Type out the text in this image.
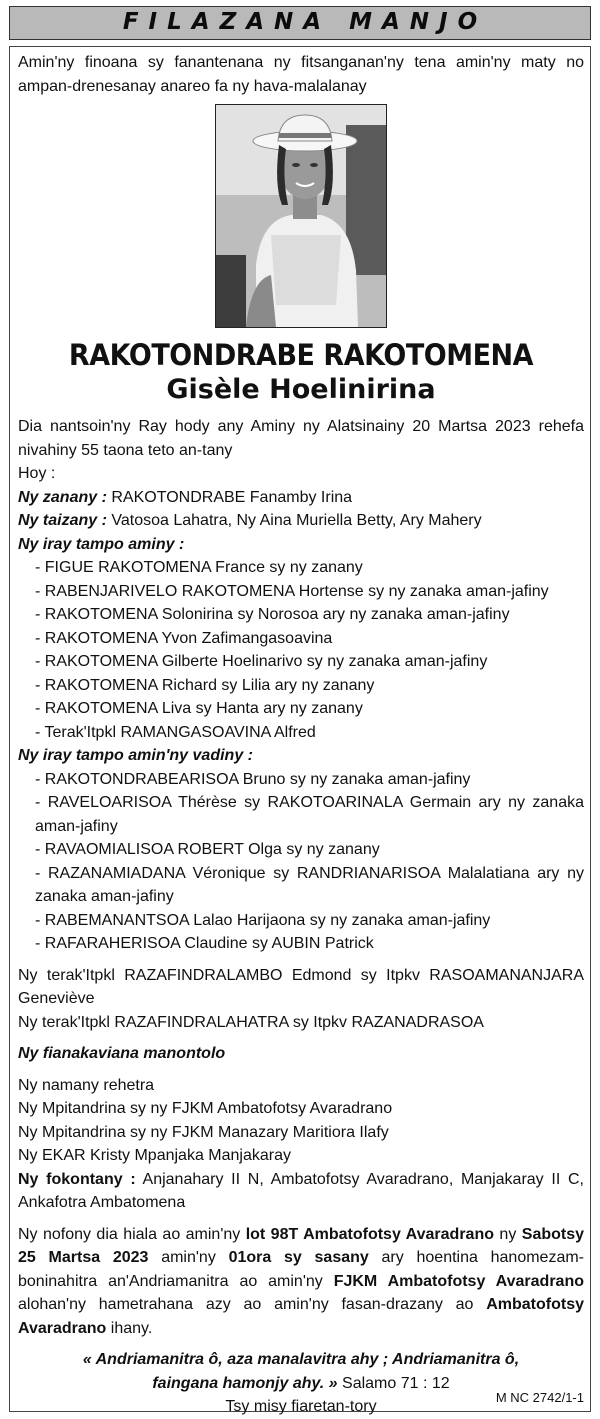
FILAZANA MANJO

Amin'ny finoana sy fanantenana ny fitsanganan'ny tena amin'ny maty no ampan-drenesanay anareo fa ny hava-malalanay

RAKOTONDRABE RAKOTOMENA
Gisèle Hoelinirina

Dia nantsoin'ny Ray hody any Aminy ny Alatsinainy 20 Martsa 2023 rehefa nivahiny 55 taona teto an-tany

Hoy :

Ny zanany : RAKOTONDRABE Fanamby Irina

Ny taizany : Vatosoa Lahatra, Ny Aina Muriella Betty, Ary Mahery

Ny iray tampo aminy :

- FIGUE RAKOTOMENA France sy ny zanany

- RABENJARIVELO RAKOTOMENA Hortense sy ny zanaka aman-jafiny

- RAKOTOMENA Solonirina sy Norosoa ary ny zanaka aman-jafiny

- RAKOTOMENA Yvon Zafimangasoavina

- RAKOTOMENA Gilberte Hoelinarivo sy ny zanaka aman-jafiny

- RAKOTOMENA Richard sy Lilia ary ny zanany

- RAKOTOMENA Liva sy Hanta ary ny zanany

- Terak'Itpkl RAMANGASOAVINA Alfred

Ny iray tampo amin'ny vadiny :

- RAKOTONDRABEARISOA Bruno sy ny zanaka aman-jafiny

- RAVELOARISOA Thérèse sy RAKOTOARINALA Germain ary ny zanaka aman-jafiny

- RAVAOMIALISOA ROBERT Olga sy ny zanany

- RAZANAMIADANA Véronique sy RANDRIANARISOA Malalatiana ary ny zanaka aman-jafiny

- RABEMANANTSOA Lalao Harijaona sy ny zanaka aman-jafiny

- RAFARAHERISOA Claudine sy AUBIN Patrick

Ny terak'Itpkl RAZAFINDRALAMBO Edmond sy Itpkv RASOAMANANJARA Geneviève

Ny terak'Itpkl RAZAFINDRALAHATRA sy Itpkv RAZANADRASOA

Ny fianakaviana manontolo

Ny namany rehetra

Ny Mpitandrina sy ny FJKM Ambatofotsy Avaradrano

Ny Mpitandrina sy ny FJKM Manazary Maritiora Ilafy

Ny EKAR Kristy Mpanjaka Manjakaray

Ny fokontany : Anjanahary II N, Ambatofotsy Avaradrano, Manjakaray II C, Ankafotra Ambatomena

Ny nofony dia hiala ao amin'ny lot 98T Ambatofotsy Avaradrano ny Sabotsy 25 Martsa 2023 amin'ny 01ora sy sasany ary hoentina hanomezam-boninahitra an'Andriamanitra ao amin'ny FJKM Ambatofotsy Avaradrano alohan'ny hametrahana azy ao amin'ny fasan-drazany ao Ambatofotsy Avaradrano ihany.

« Andriamanitra ô, aza manalavitra ahy ; Andriamanitra ô,
faingana hamonjy ahy. » Salamo 71 : 12
Tsy misy fiaretan-tory
M NC 2742/1-1
